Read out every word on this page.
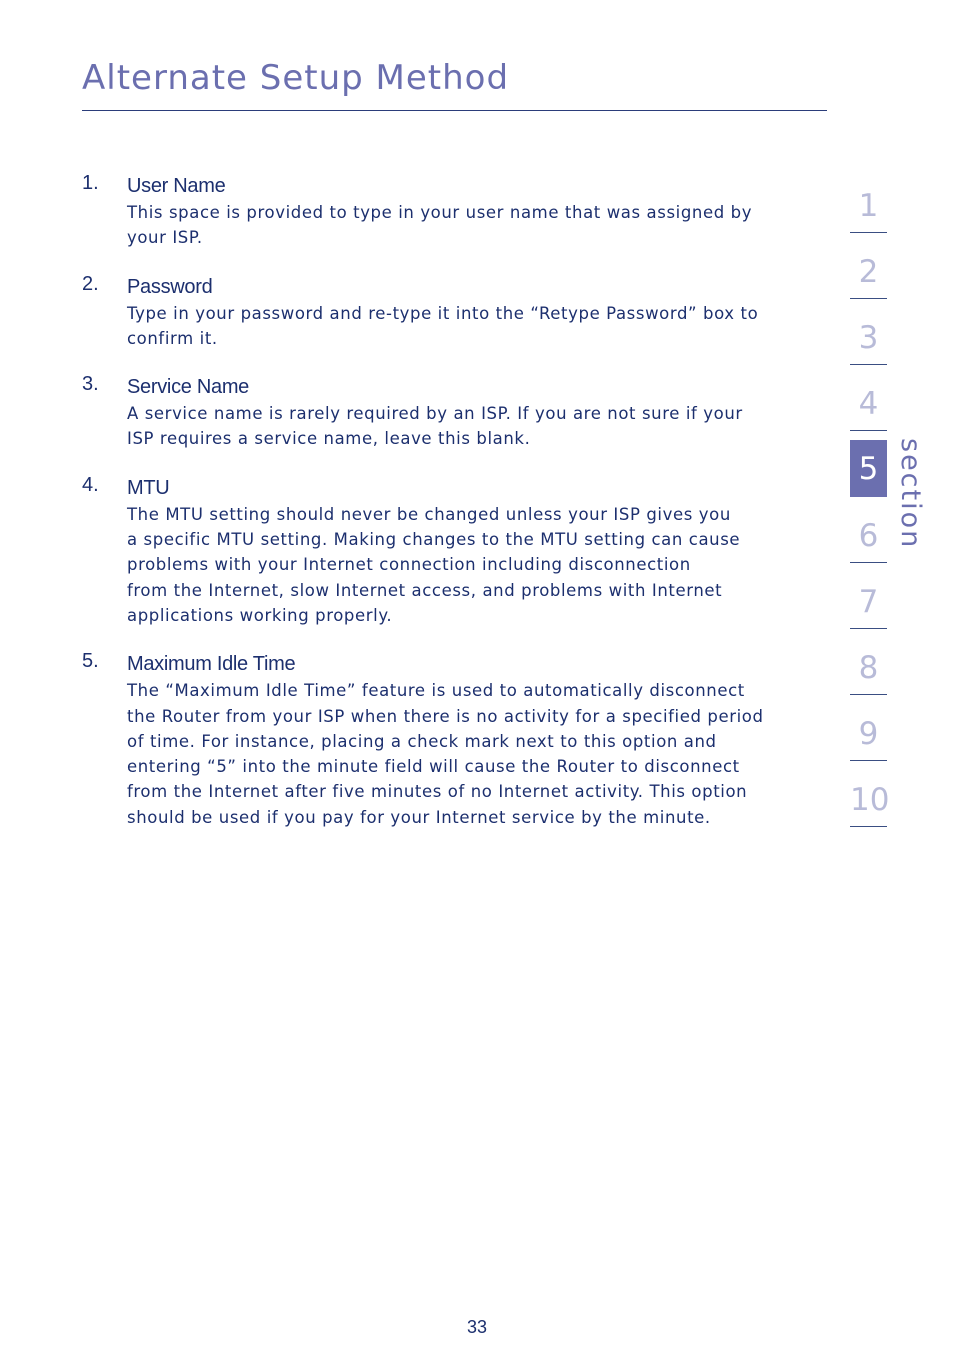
Alternate Setup Method
1. User Name
This space is provided to type in your user name that was assigned by
your ISP.
2. Password
Type in your password and re-type it into the “Retype Password” box to
confirm it.
3. Service Name
A service name is rarely required by an ISP. If you are not sure if your
ISP requires a service name, leave this blank.
4. MTU
The MTU setting should never be changed unless your ISP gives you
a specific MTU setting. Making changes to the MTU setting can cause
problems with your Internet connection including disconnection
from the Internet, slow Internet access, and problems with Internet
applications working properly.
5. Maximum Idle Time
The “Maximum Idle Time” feature is used to automatically disconnect
the Router from your ISP when there is no activity for a specified period
of time. For instance, placing a check mark next to this option and
entering “5” into the minute field will cause the Router to disconnect
from the Internet after five minutes of no Internet activity. This option
should be used if you pay for your Internet service by the minute.
1
2
3
4
5
6
7
8
9
10
section
33
